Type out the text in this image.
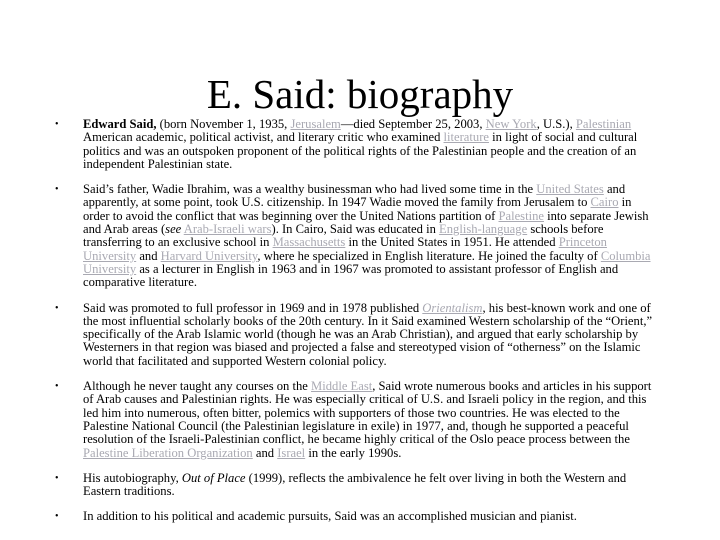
E. Said: biography
• Edward Said, (born November 1, 1935, Jerusalem—died September 25, 2003, New York, U.S.), Palestinian American academic, political activist, and literary critic who examined literature in light of social and cultural politics and was an outspoken proponent of the political rights of the Palestinian people and the creation of an independent Palestinian state.
• Said’s father, Wadie Ibrahim, was a wealthy businessman who had lived some time in the United States and apparently, at some point, took U.S. citizenship. In 1947 Wadie moved the family from Jerusalem to Cairo in order to avoid the conflict that was beginning over the United Nations partition of Palestine into separate Jewish and Arab areas (see Arab-Israeli wars). In Cairo, Said was educated in English-language schools before transferring to an exclusive school in Massachusetts in the United States in 1951. He attended Princeton University and Harvard University, where he specialized in English literature. He joined the faculty of Columbia University as a lecturer in English in 1963 and in 1967 was promoted to assistant professor of English and comparative literature.
• Said was promoted to full professor in 1969 and in 1978 published Orientalism, his best-known work and one of the most influential scholarly books of the 20th century. In it Said examined Western scholarship of the “Orient,” specifically of the Arab Islamic world (though he was an Arab Christian), and argued that early scholarship by Westerners in that region was biased and projected a false and stereotyped vision of “otherness” on the Islamic world that facilitated and supported Western colonial policy.
• Although he never taught any courses on the Middle East, Said wrote numerous books and articles in his support of Arab causes and Palestinian rights. He was especially critical of U.S. and Israeli policy in the region, and this led him into numerous, often bitter, polemics with supporters of those two countries. He was elected to the Palestine National Council (the Palestinian legislature in exile) in 1977, and, though he supported a peaceful resolution of the Israeli-Palestinian conflict, he became highly critical of the Oslo peace process between the Palestine Liberation Organization and Israel in the early 1990s.
• His autobiography, Out of Place (1999), reflects the ambivalence he felt over living in both the Western and Eastern traditions.
• In addition to his political and academic pursuits, Said was an accomplished musician and pianist.
